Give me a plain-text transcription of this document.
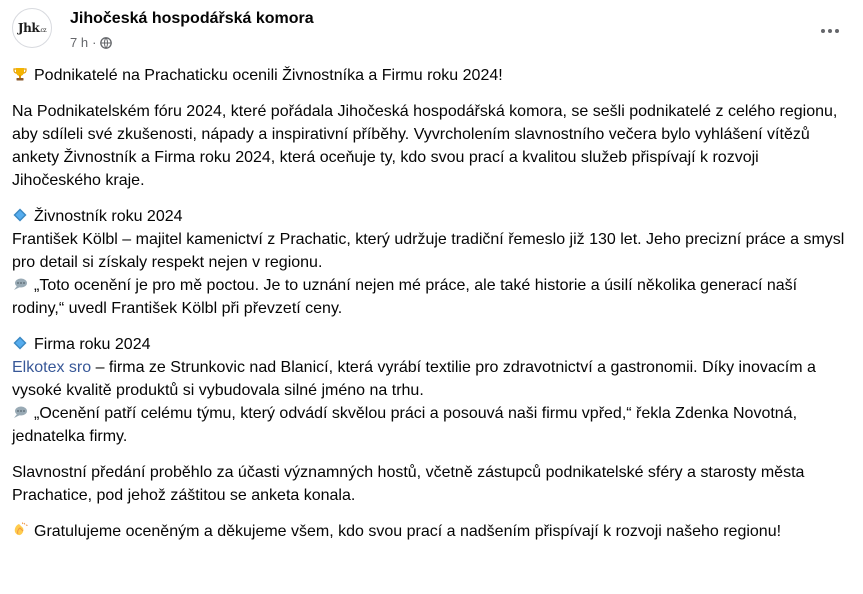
Jhk.cz
Jihočeská hospodářská komora
7 h ·

Podnikatelé na Prachaticku ocenili Živnostníka a Firmu roku 2024!

Na Podnikatelském fóru 2024, které pořádala Jihočeská hospodářská komora, se sešli podnikatelé z celého regionu, aby sdíleli své zkušenosti, nápady a inspirativní příběhy. Vyvrcholením slavnostního večera bylo vyhlášení vítězů ankety Živnostník a Firma roku 2024, která oceňuje ty, kdo svou prací a kvalitou služeb přispívají k rozvoji Jihočeského kraje.

Živnostník roku 2024

František Kölbl – majitel kamenictví z Prachatic, který udržuje tradiční řemeslo již 130 let. Jeho precizní práce a smysl pro detail si získaly respekt nejen v regionu.

„Toto ocenění je pro mě poctou. Je to uznání nejen mé práce, ale také historie a úsilí několika generací naší rodiny,“ uvedl František Kölbl při převzetí ceny.

Firma roku 2024

Elkotex sro – firma ze Strunkovic nad Blanicí, která vyrábí textilie pro zdravotnictví a gastronomii. Díky inovacím a vysoké kvalitě produktů si vybudovala silné jméno na trhu.

„Ocenění patří celému týmu, který odvádí skvělou práci a posouvá naši firmu vpřed,“ řekla Zdenka Novotná, jednatelka firmy.

Slavnostní předání proběhlo za účasti významných hostů, včetně zástupců podnikatelské sféry a starosty města Prachatice, pod jehož záštitou se anketa konala.

Gratulujeme oceněným a děkujeme všem, kdo svou prací a nadšením přispívají k rozvoji našeho regionu!
